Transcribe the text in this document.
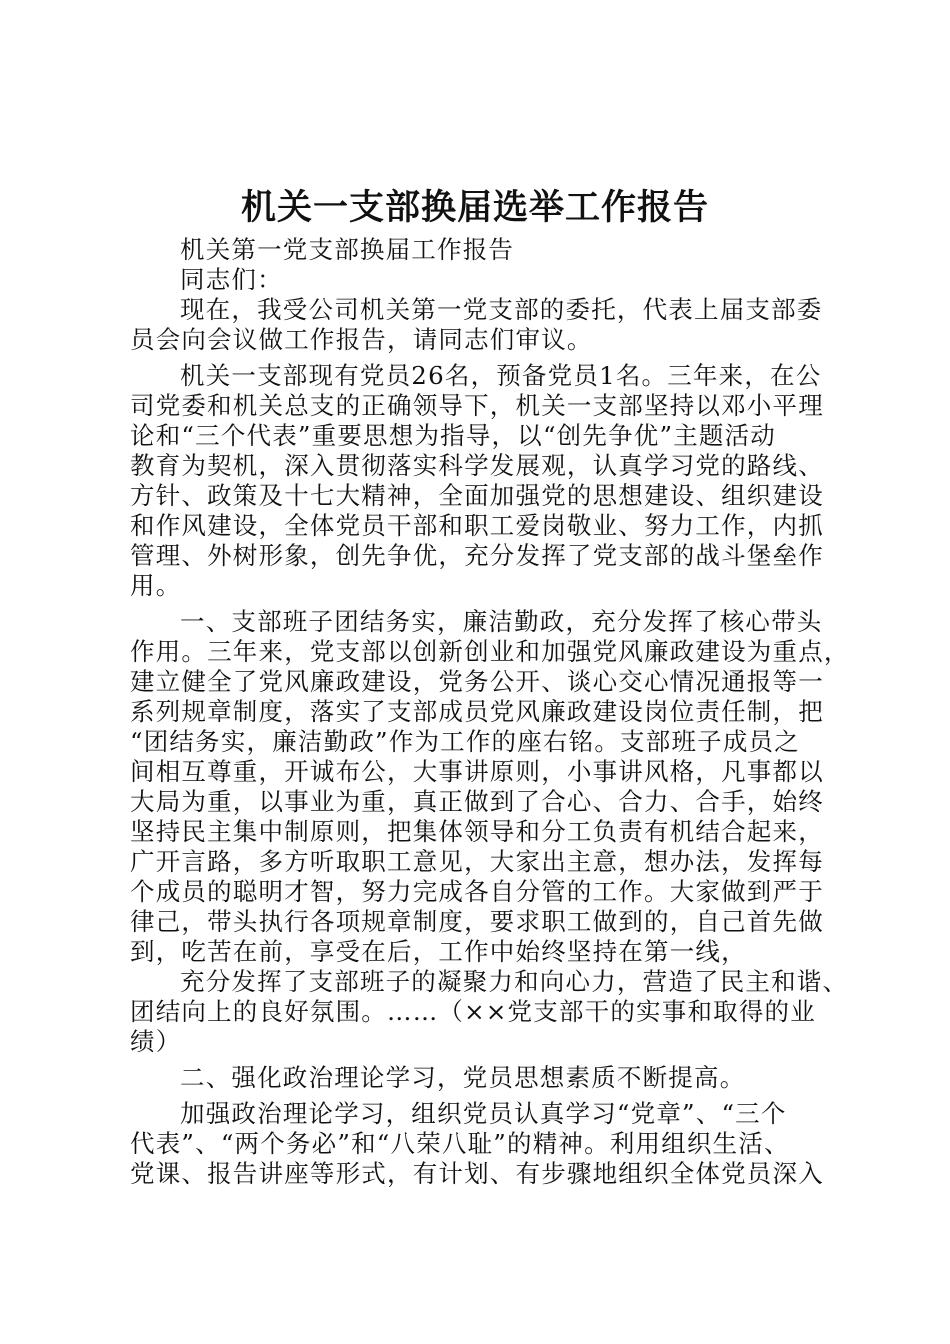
机关一支部换届选举工作报告
机关第一党支部换届工作报告
同志们：
现在，我受公司机关第一党支部的委托，代表上届支部委
员会向会议做工作报告，请同志们审议。
机关一支部现有党员26名，预备党员1名。三年来，在公
司党委和机关总支的正确领导下，机关一支部坚持以邓小平理
论和“三个代表”重要思想为指导，以“创先争优”主题活动
教育为契机，深入贯彻落实科学发展观，认真学习党的路线、
方针、政策及十七大精神，全面加强党的思想建设、组织建设
和作风建设，全体党员干部和职工爱岗敬业、努力工作，内抓
管理、外树形象，创先争优，充分发挥了党支部的战斗堡垒作
用。
一、支部班子团结务实，廉洁勤政，充分发挥了核心带头
作用。三年来，党支部以创新创业和加强党风廉政建设为重点，
建立健全了党风廉政建设，党务公开、谈心交心情况通报等一
系列规章制度，落实了支部成员党风廉政建设岗位责任制，把
“团结务实，廉洁勤政”作为工作的座右铭。支部班子成员之
间相互尊重，开诚布公，大事讲原则，小事讲风格，凡事都以
大局为重，以事业为重，真正做到了合心、合力、合手，始终
坚持民主集中制原则，把集体领导和分工负责有机结合起来，
广开言路，多方听取职工意见，大家出主意，想办法，发挥每
个成员的聪明才智，努力完成各自分管的工作。大家做到严于
律己，带头执行各项规章制度，要求职工做到的，自己首先做
到，吃苦在前，享受在后，工作中始终坚持在第一线，
充分发挥了支部班子的凝聚力和向心力，营造了民主和谐、
团结向上的良好氛围。……（××党支部干的实事和取得的业
绩）
二、强化政治理论学习，党员思想素质不断提高。
加强政治理论学习，组织党员认真学习“党章”、“三个
代表”、“两个务必”和“八荣八耻”的精神。利用组织生活、
党课、报告讲座等形式，有计划、有步骤地组织全体党员深入
